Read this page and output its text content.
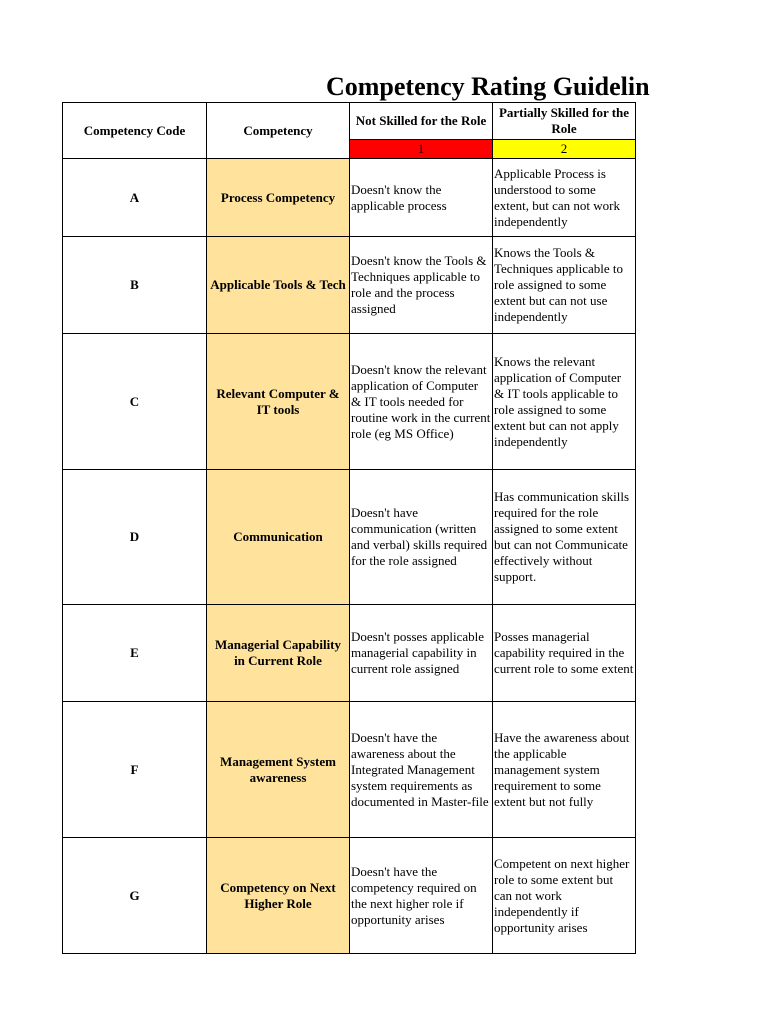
Competency Rating Guidelin
Competency Code	Competency	Not Skilled for the Role	Partially Skilled for the Role
		1	2
A	Process Competency	Doesn't know the applicable process	Applicable Process is understood to some extent, but can not work independently
B	Applicable Tools & Tech	Doesn't know the Tools & Techniques applicable to role and the process assigned	Knows the Tools & Techniques applicable to role assigned to some extent but can not use independently
C	Relevant Computer & IT tools	Doesn't know the relevant application of Computer & IT tools needed for routine work in the current role (eg MS Office)	Knows the relevant application of Computer & IT tools applicable to role assigned to some extent but can not apply independently
D	Communication	Doesn't have communication (written and verbal) skills required for the role assigned	Has communication skills required for the role assigned to some extent but can not Communicate effectively without support.
E	Managerial Capability in Current Role	Doesn't posses applicable managerial capability in current role assigned	Posses managerial capability required in the current role to some extent
F	Management System awareness	Doesn't have the awareness about the Integrated Management system requirements as documented in Master-file	Have the awareness about the applicable management system requirement to some extent but not fully
G	Competency on Next Higher Role	Doesn't have the competency required on the next higher role if opportunity arises	Competent on next higher role to some extent but can not work independently if opportunity arises
